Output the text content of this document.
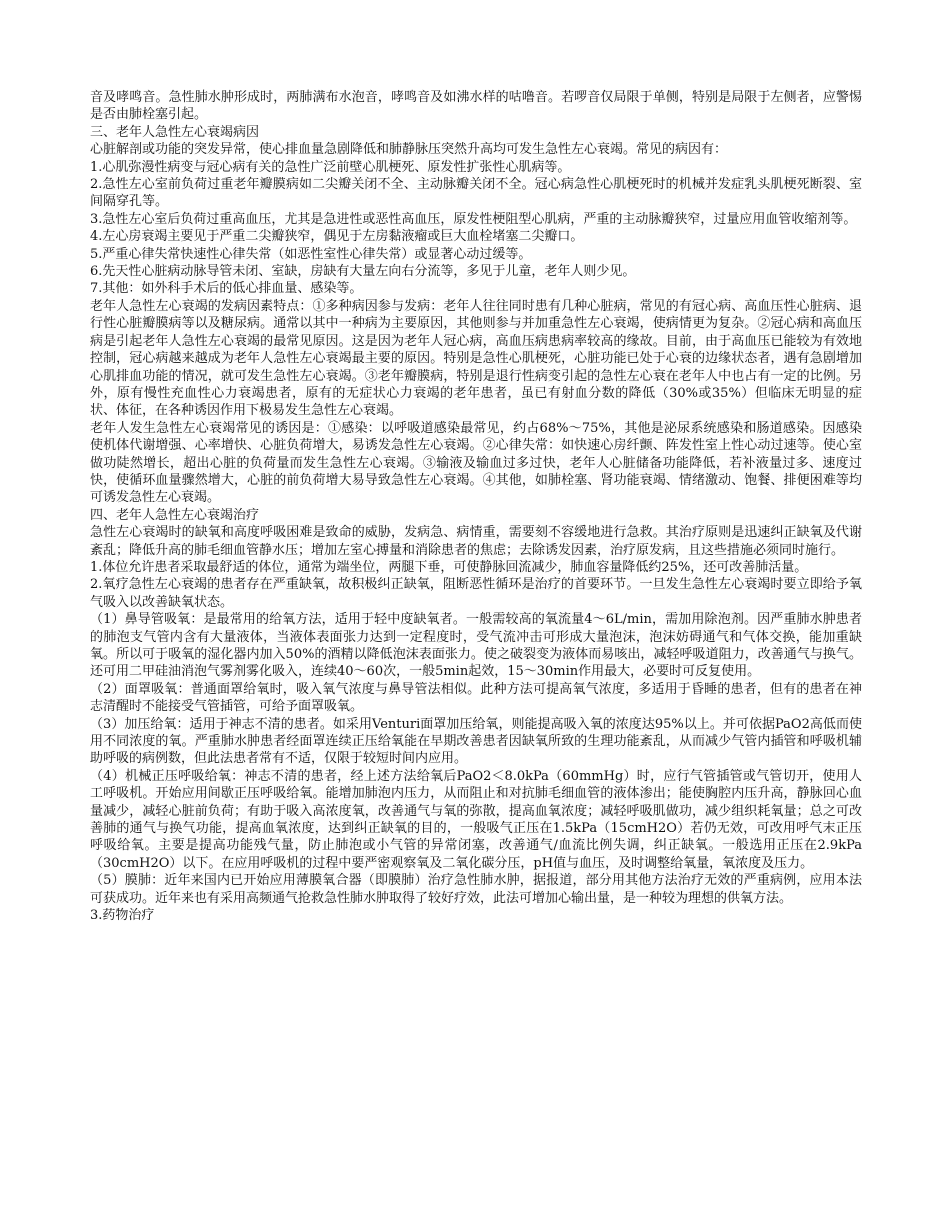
音及哮鸣音。急性肺水肿形成时，两肺满布水泡音，哮鸣音及如沸水样的咕噜音。若啰音仅局限于单侧，特别是局限于左侧者，应警惕是否由肺栓塞引起。

三、老年人急性左心衰竭病因

心脏解剖或功能的突发异常，使心排血量急剧降低和肺静脉压突然升高均可发生急性左心衰竭。常见的病因有：

1.心肌弥漫性病变与冠心病有关的急性广泛前壁心肌梗死、原发性扩张性心肌病等。

2.急性左心室前负荷过重老年瓣膜病如二尖瓣关闭不全、主动脉瓣关闭不全。冠心病急性心肌梗死时的机械并发症乳头肌梗死断裂、室间隔穿孔等。

3.急性左心室后负荷过重高血压，尤其是急进性或恶性高血压，原发性梗阻型心肌病，严重的主动脉瓣狭窄，过量应用血管收缩剂等。

4.左心房衰竭主要见于严重二尖瓣狭窄，偶见于左房黏液瘤或巨大血栓堵塞二尖瓣口。

5.严重心律失常快速性心律失常（如恶性室性心律失常）或显著心动过缓等。

6.先天性心脏病动脉导管未闭、室缺，房缺有大量左向右分流等，多见于儿童，老年人则少见。

7.其他：如外科手术后的低心排血量、感染等。

老年人急性左心衰竭的发病因素特点：①多种病因参与发病：老年人往往同时患有几种心脏病，常见的有冠心病、高血压性心脏病、退行性心脏瓣膜病等以及糖尿病。通常以其中一种病为主要原因，其他则参与并加重急性左心衰竭，使病情更为复杂。②冠心病和高血压病是引起老年人急性左心衰竭的最常见原因。这是因为老年人冠心病，高血压病患病率较高的缘故。目前，由于高血压已能较为有效地控制，冠心病越来越成为老年人急性左心衰竭最主要的原因。特别是急性心肌梗死，心脏功能已处于心衰的边缘状态者，遇有急剧增加心肌排血功能的情况，就可发生急性左心衰竭。③老年瓣膜病，特别是退行性病变引起的急性左心衰在老年人中也占有一定的比例。另外，原有慢性充血性心力衰竭患者，原有的无症状心力衰竭的老年患者，虽已有射血分数的降低（30%或35%）但临床无明显的症状、体征，在各种诱因作用下极易发生急性左心衰竭。

老年人发生急性左心衰竭常见的诱因是：①感染：以呼吸道感染最常见，约占68%～75%，其他是泌尿系统感染和肠道感染。因感染使机体代谢增强、心率增快、心脏负荷增大，易诱发急性左心衰竭。②心律失常：如快速心房纤颤、阵发性室上性心动过速等。使心室做功陡然增长，超出心脏的负荷量而发生急性左心衰竭。③输液及输血过多过快，老年人心脏储备功能降低，若补液量过多、速度过快，使循环血量骤然增大，心脏的前负荷增大易导致急性左心衰竭。④其他，如肺栓塞、肾功能衰竭、情绪激动、饱餐、排便困难等均可诱发急性左心衰竭。

四、老年人急性左心衰竭治疗

急性左心衰竭时的缺氧和高度呼吸困难是致命的威胁，发病急、病情重，需要刻不容缓地进行急救。其治疗原则是迅速纠正缺氧及代谢紊乱；降低升高的肺毛细血管静水压；增加左室心搏量和消除患者的焦虑；去除诱发因素，治疗原发病，且这些措施必须同时施行。

1.体位允许患者采取最舒适的体位，通常为端坐位，两腿下垂，可使静脉回流减少，肺血容量降低约25%，还可改善肺活量。

2.氧疗急性左心衰竭的患者存在严重缺氧，故积极纠正缺氧，阻断恶性循环是治疗的首要环节。一旦发生急性左心衰竭时要立即给予氧气吸入以改善缺氧状态。

（1）鼻导管吸氧：是最常用的给氧方法，适用于轻中度缺氧者。一般需较高的氧流量4～6L/min，需加用除泡剂。因严重肺水肿患者的肺泡支气管内含有大量液体，当液体表面张力达到一定程度时，受气流冲击可形成大量泡沫，泡沫妨碍通气和气体交换，能加重缺氧。所以可于吸氧的湿化器内加入50%的酒精以降低泡沫表面张力。使之破裂变为液体而易咳出，减轻呼吸道阻力，改善通气与换气。还可用二甲硅油消泡气雾剂雾化吸入，连续40～60次，一般5min起效，15～30min作用最大，必要时可反复使用。

（2）面罩吸氧：普通面罩给氧时，吸入氧气浓度与鼻导管法相似。此种方法可提高氧气浓度，多适用于昏睡的患者，但有的患者在神志清醒时不能接受气管插管，可给予面罩吸氧。

（3）加压给氧：适用于神志不清的患者。如采用Venturi面罩加压给氧，则能提高吸入氧的浓度达95%以上。并可依据PaO2高低而使用不同浓度的氧。严重肺水肿患者经面罩连续正压给氧能在早期改善患者因缺氧所致的生理功能紊乱，从而减少气管内插管和呼吸机辅助呼吸的病例数，但此法患者常有不适，仅限于较短时间内应用。

（4）机械正压呼吸给氧：神志不清的患者，经上述方法给氧后PaO2＜8.0kPa（60mmHg）时，应行气管插管或气管切开，使用人工呼吸机。开始应用间歇正压呼吸给氧。能增加肺泡内压力，从而阻止和对抗肺毛细血管的液体渗出；能使胸腔内压升高，静脉回心血量减少，减轻心脏前负荷；有助于吸入高浓度氧，改善通气与氧的弥散，提高血氧浓度；减轻呼吸肌做功，减少组织耗氧量；总之可改善肺的通气与换气功能，提高血氧浓度，达到纠正缺氧的目的，一般吸气正压在1.5kPa（15cmH2O）若仍无效，可改用呼气末正压呼吸给氧。主要是提高功能残气量，防止肺泡或小气管的异常闭塞，改善通气/血流比例失调，纠正缺氧。一般选用正压在2.9kPa（30cmH2O）以下。在应用呼吸机的过程中要严密观察氧及二氧化碳分压，pH值与血压，及时调整给氧量，氧浓度及压力。

（5）膜肺：近年来国内已开始应用薄膜氧合器（即膜肺）治疗急性肺水肿，据报道，部分用其他方法治疗无效的严重病例，应用本法可获成功。近年来也有采用高频通气抢救急性肺水肿取得了较好疗效，此法可增加心输出量，是一种较为理想的供氧方法。

3.药物治疗
